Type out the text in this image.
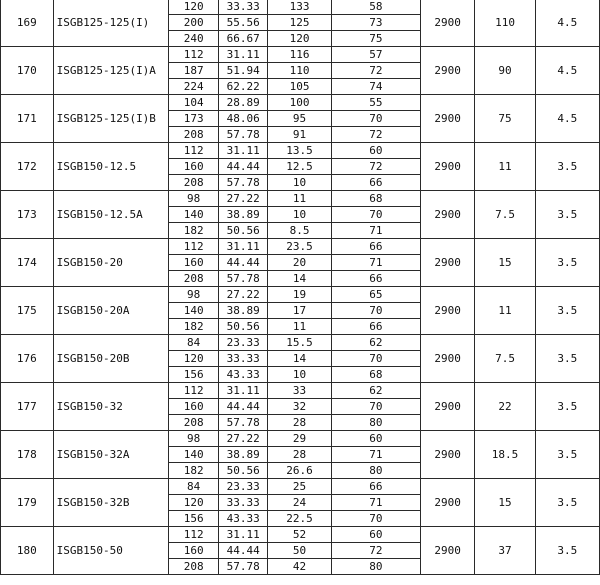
169	ISGB125-125(I)	120	33.33	133	58	2900	110	4.5
		200	55.56	125	73			
		240	66.67	120	75			
170	ISGB125-125(I)A	112	31.11	116	57	2900	90	4.5
		187	51.94	110	72			
		224	62.22	105	74			
171	ISGB125-125(I)B	104	28.89	100	55	2900	75	4.5
		173	48.06	95	70			
		208	57.78	91	72			
172	ISGB150-12.5	112	31.11	13.5	60	2900	11	3.5
		160	44.44	12.5	72			
		208	57.78	10	66			
173	ISGB150-12.5A	98	27.22	11	68	2900	7.5	3.5
		140	38.89	10	70			
		182	50.56	8.5	71			
174	ISGB150-20	112	31.11	23.5	66	2900	15	3.5
		160	44.44	20	71			
		208	57.78	14	66			
175	ISGB150-20A	98	27.22	19	65	2900	11	3.5
		140	38.89	17	70			
		182	50.56	11	66			
176	ISGB150-20B	84	23.33	15.5	62	2900	7.5	3.5
		120	33.33	14	70			
		156	43.33	10	68			
177	ISGB150-32	112	31.11	33	62	2900	22	3.5
		160	44.44	32	70			
		208	57.78	28	80			
178	ISGB150-32A	98	27.22	29	60	2900	18.5	3.5
		140	38.89	28	71			
		182	50.56	26.6	80			
179	ISGB150-32B	84	23.33	25	66	2900	15	3.5
		120	33.33	24	71			
		156	43.33	22.5	70			
180	ISGB150-50	112	31.11	52	60	2900	37	3.5
		160	44.44	50	72			
		208	57.78	42	80			
